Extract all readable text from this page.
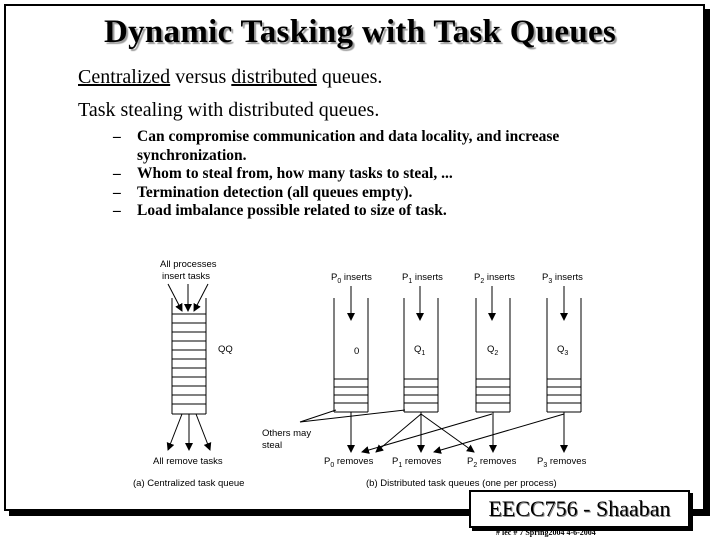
Dynamic Tasking with Task Queues
Centralized versus distributed queues.
Task stealing with distributed queues.
– Can compromise communication and data locality, and increase
synchronization.
– Whom to steal from, how many tasks to steal, ...
– Termination detection (all queues empty).
– Load imbalance possible related to size of task.
All processes
insert tasks
QQ
All remove tasks
(a) Centralized task queue
$P_0$ inserts	$P_1$ inserts	$P_2$ inserts	$P_3$ inserts
0	$Q_1$	$Q_2$	$Q_3$
Others may
steal
$P_0$ removes $P_1$ removes	$P_2$ removes $P_3$ removes
(b) Distributed task queues (one per process)
EECC756 - Shaaban
# lec # 7 Spring2004 4-6-2004
